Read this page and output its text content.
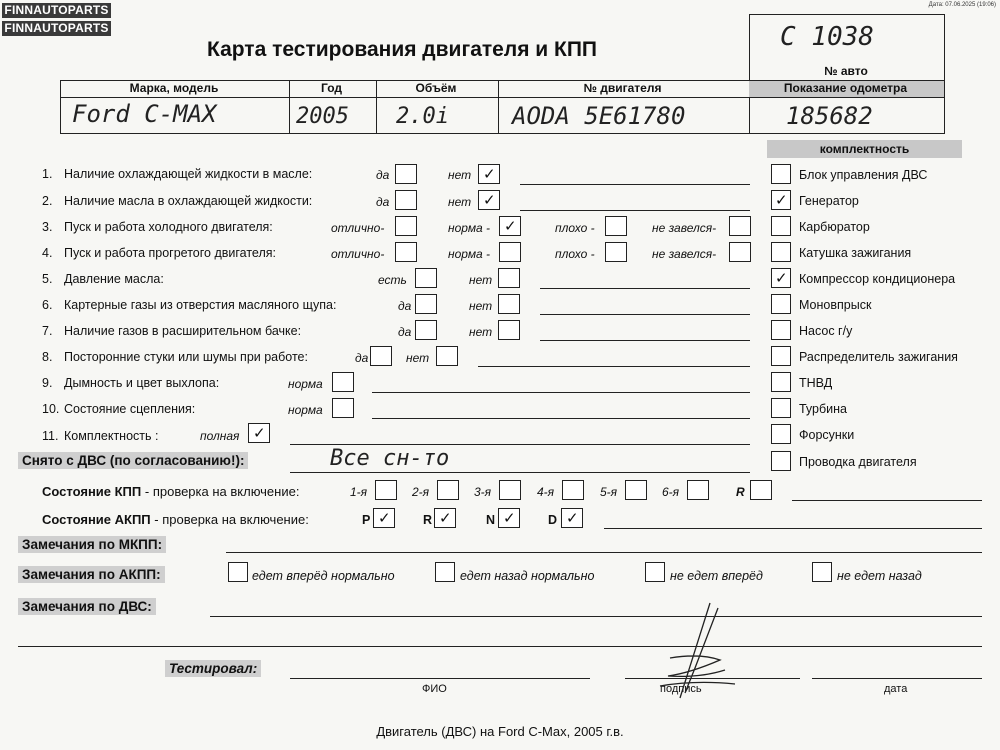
FINNAUTOPARTS
FINNAUTOPARTS
Дата: 07.06.2025 (19:06)
Карта тестирования двигателя и КПП	С 1038
№ авто
Марка, модель	Год	Объём	№ двигателя	Показание одометра
Ford C-MAX	2005 2.0i	AODA 5E61780	185682
комплектность
Блок управления ДВС
✓ Генератор
Карбюратор
Катушка зажигания
✓ Компрессор кондиционера
Моновпрыск
Насос г/у
Распределитель зажигания
ТНВД
Турбина
Форсунки
Проводка двигателя
1. Наличие охлаждающей жидкости в масле:	да	нет ✓
2. Наличие масла в охлаждающей жидкости:	да	нет ✓
3. Пуск и работа холодного двигателя:	отлично-	норма - ✓	плохо -	не завелся-
4. Пуск и работа прогретого двигателя:	отлично-	норма -	плохо -	не завелся-
5. Давление масла:	есть	нет
6. Картерные газы из отверстия масляного щупа:	да	нет
7. Наличие газов в расширительном бачке:	да	нет
8. Посторонние стуки или шумы при работе:	да	нет
9. Дымность и цвет выхлопа:	норма
10. Состояние сцепления:	норма
11. Комплектность :	полная ✓
Снято с ДВС (по согласованию!):	Все сн-то
Состояние КПП - проверка на включение:	1-я	2-я	3-я	4-я	5-я	6-я	R
Состояние АКПП - проверка на включение:	P ✓	R ✓	N ✓	D ✓
Замечания по МКПП:
Замечания по АКПП:	едет вперёд нормально	едет назад нормально	не едет вперёд	не едет назад
Замечания по ДВС:
Тестировал:
ФИО	подпись	дата
Двигатель (ДВС) на Ford C-Max, 2005 г.в.
